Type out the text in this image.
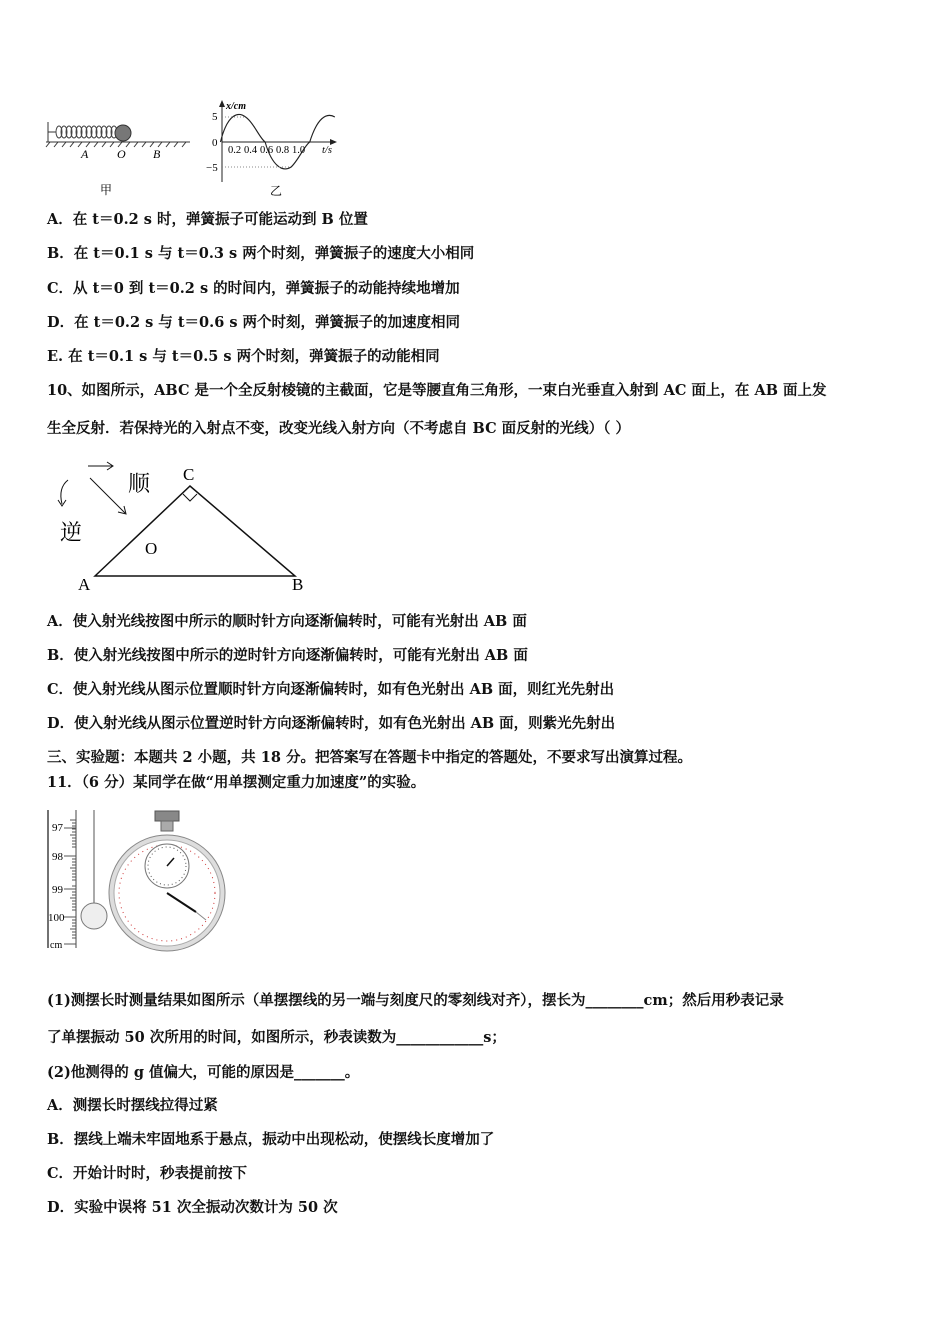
A O B
甲
x/cm
5
0
−5
0.2 0.4 0.6 0.8 1.0 t/s
乙
A．在 t＝0.2 s 时，弹簧振子可能运动到 B 位置
B．在 t＝0.1 s 与 t＝0.3 s 两个时刻，弹簧振子的速度大小相同
C．从 t＝0 到 t＝0.2 s 的时间内，弹簧振子的动能持续地增加
D．在 t＝0.2 s 与 t＝0.6 s 两个时刻，弹簧振子的加速度相同
E. 在 t＝0.1 s 与 t＝0.5 s 两个时刻，弹簧振子的动能相同
10、如图所示，ABC 是一个全反射棱镜的主截面，它是等腰直角三角形，一束白光垂直入射到 AC 面上，在 AB 面上发
生全反射．若保持光的入射点不变，改变光线入射方向（不考虑自 BC 面反射的光线）（ ）
顺
逆
C
O
A	B
A．使入射光线按图中所示的顺时针方向逐渐偏转时，可能有光射出 AB 面
B．使入射光线按图中所示的逆时针方向逐渐偏转时，可能有光射出 AB 面
C．使入射光线从图示位置顺时针方向逐渐偏转时，如有色光射出 AB 面，则红光先射出
D．使入射光线从图示位置逆时针方向逐渐偏转时，如有色光射出 AB 面，则紫光先射出
三、实验题：本题共 2 小题，共 18 分。把答案写在答题卡中指定的答题处，不要求写出演算过程。
11．（6 分）某同学在做“用单摆测定重力加速度”的实验。
97
98
99
100
cm
(1)测摆长时测量结果如图所示（单摆摆线的另一端与刻度尺的零刻线对齐），摆长为________cm；然后用秒表记录
了单摆振动 50 次所用的时间，如图所示，秒表读数为____________s；
(2)他测得的 g 值偏大，可能的原因是_______。
A．测摆长时摆线拉得过紧
B．摆线上端未牢固地系于悬点，振动中出现松动，使摆线长度增加了
C．开始计时时，秒表提前按下
D．实验中误将 51 次全振动次数计为 50 次
